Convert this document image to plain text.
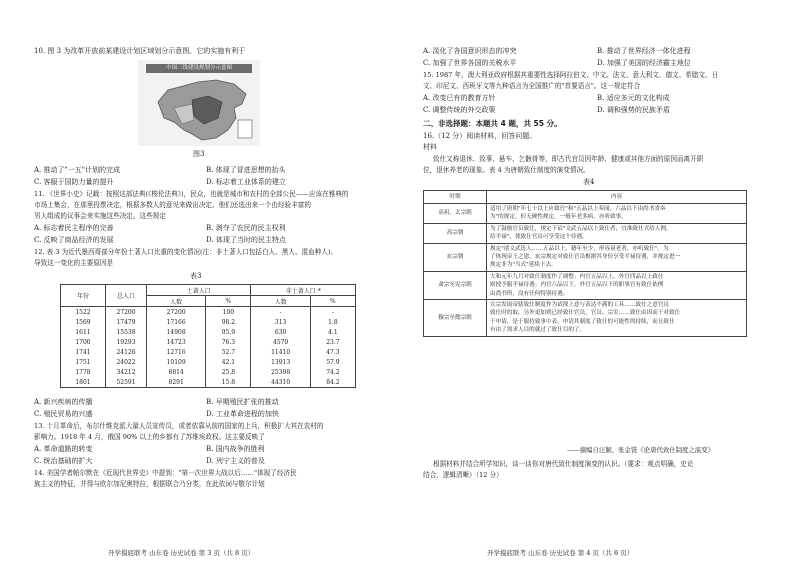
10. 图 3 为改革开放前某建设计划区域划分示意图。它的实施有利于
中国三线建设规划分示意图
图3
A. 推动了"一五"计划的完成	B. 体现了冒进思想的抬头
C. 客服于国防力量的提升	D. 标志着工业体系的建立
11. 《世界小史》记载：按照这部法典(《梭伦法典》)，民众，也就是城市和农村的全部公民——应该在雅典的
市场上集会，在那里投票决定，根据多数人的意见来做出决定。他们还选出来一个由经验丰富的
男人组成的议事会来实施这些决定。这些规定
A. 标志着民主程序的完善	B. 剥夺了农民的民主权利
C. 反映了商品经济的发展	D. 体现了当时的民主特点
12. 表 3 为近代墨西哥部分年份土著人口比重的变化情况(注：非土著人口包括白人、黑人、混血种人)。
导致这一变化的主要原因是
表3
年份	总人口	土著人口		非土著人口 *	
		人数	%	人数	%
1522	27200	27200	100	-	-
1569	17479	17166	98.2	313	1.8
1611	15538	14908	95.9	630	4.1
1700	19293	14723	76.3	4570	23.7
1741	24126	12716	52.7	11410	47.3
1751	24022	10109	42.1	13913	57.9
1778	34212	8814	25.8	25398	74.2
1801	52591	8291	15.8	44310	84.2
A. 新兴疾病的传播	B. 早期殖民扩张的推动
C. 殖民贸易的兴盛	D. 工业革命进程的加快
13. 十月革命后，布尔什维克派大量人员宣传员，或者依靠从前的国家的上兵，积极扩大其在农村的
影响力。1918 年 4 月，俄国 90% 以上的乡都有了苏维埃政权。这主要反映了
A. 革命道路的转变	B. 国内战争的胜利
C. 统治基础的扩大	D. 列宁主义的普及
14. 美国学者帕尔默在《近现代世界史》中提到："第一次世界大战以后……"体现了经济民
族主义的特征，并得与欧尔加尼奥特拉，根据联合乃分类，在此依词与敬尔计划
开学摸底联考 山东卷 历史试卷 第 3 页（共 8 页）
A. 淡化了各国意识形态的冲突	B. 推动了世界经济一体化进程
C. 加强了世界各国的关税水平	D. 加强了美国的经济霸主地位
15. 1987 年，澳大利亚政府根据其重要性选择阿拉伯文、中文、法文、意大利文、德文、希腊文、日
文、印尼文、西班牙文等九种语言为全国推广的"首要语言"。这一规定符合
A. 改变已有的教育方针	B. 适应多元的文化构成
C. 调整传统的外交政策	D. 调和强势的民族矛盾
二、非选择题：本题共 4 题，共 55 分。
16.（12 分）阅读材料，回答问题。
材料
致仕又称退休、致事、悬车、乞骸骨等，即古代官员因年龄、健康或其他方面的原因而离开职
位，退休养老的现象。表 4 为唐朝致仕制度的演变情况。
表4
时期	内容
高祖、太宗朝	适用了唐朝"年七十以上应致仕"和"五品以上奏闻，六品以下由尚书省奏
为"的规定，但无硬性规定，一般年老多病，亦听致事。

高宗朝	为了鼓励官员致仕，规定下诏"文武五品以上致仕者，宜准致仕式给人例，
给半禄"，使致仕官员可享受这个待遇。

玄宗朝	规定"诸文武选人……五品以上，籍年至少，形容衰老者，亦听致仕"。为
了体现帝王之恩，玄宗规定对致仕官员根据其身份享受半禄待遇，并规定进一
规定非为"当式"延续下去。

肃宗至宪宗朝	大和元年九月对致仕制度作了调整：内官五品以上，外官四品以上致仕
则授予服半禄待遇；内官六品以下，外官五品以下的职事官有致仕依例
由尚书所，没有任何特别待遇。

穆宗至懿宗朝	宣宗发展帝辖致仕制度作为试探上意与表达不满的工具……致仕之意官员
致仕时的取，另外更加到已经致仕官员，官员、宗室……致仕由因而于对致仕
于申请，是于服侍致事中表，申请其制度了致仕的可能性的持续，而且致仕
有由了需求人目的就过了致仕目的了。
——摘编自汪颖、张金铣《论唐代致仕制度之演变》
根据材料并结合所学知识，谈一谈你对唐代致仕制度演变的认识。（要求：观点明确，史论
结合，逻辑清晰）（12 分）
开学摸底联考 山东卷 历史试卷 第 4 页（共 8 页）
